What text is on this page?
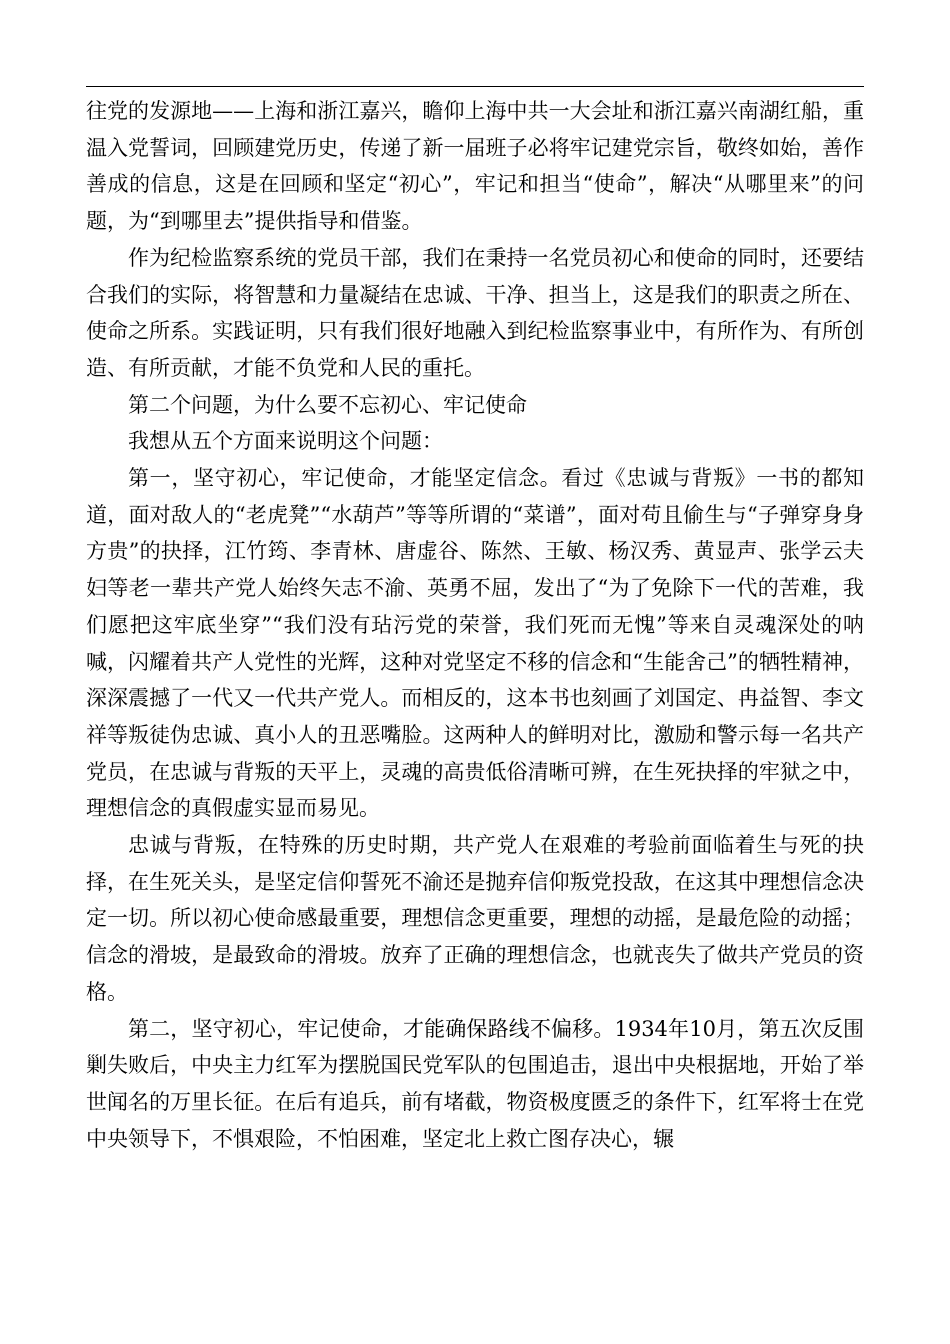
往党的发源地——上海和浙江嘉兴，瞻仰上海中共一大会址和浙江嘉兴南湖红船，重温入党誓词，回顾建党历史，传递了新一届班子必将牢记建党宗旨，敬终如始，善作善成的信息，这是在回顾和坚定“初心”，牢记和担当“使命”，解决“从哪里来”的问题，为“到哪里去”提供指导和借鉴。

作为纪检监察系统的党员干部，我们在秉持一名党员初心和使命的同时，还要结合我们的实际，将智慧和力量凝结在忠诚、干净、担当上，这是我们的职责之所在、使命之所系。实践证明，只有我们很好地融入到纪检监察事业中，有所作为、有所创造、有所贡献，才能不负党和人民的重托。

第二个问题，为什么要不忘初心、牢记使命

我想从五个方面来说明这个问题：

第一，坚守初心，牢记使命，才能坚定信念。看过《忠诚与背叛》一书的都知道，面对敌人的“老虎凳”“水葫芦”等等所谓的“菜谱”，面对苟且偷生与“子弹穿身身方贵”的抉择，江竹筠、李青林、唐虚谷、陈然、王敏、杨汉秀、黄显声、张学云夫妇等老一辈共产党人始终矢志不渝、英勇不屈，发出了“为了免除下一代的苦难，我们愿把这牢底坐穿”“我们没有玷污党的荣誉，我们死而无愧”等来自灵魂深处的呐喊，闪耀着共产人党性的光辉，这种对党坚定不移的信念和“生能舍己”的牺牲精神，深深震撼了一代又一代共产党人。而相反的，这本书也刻画了刘国定、冉益智、李文祥等叛徒伪忠诚、真小人的丑恶嘴脸。这两种人的鲜明对比，激励和警示每一名共产党员，在忠诚与背叛的天平上，灵魂的高贵低俗清晰可辨，在生死抉择的牢狱之中，理想信念的真假虚实显而易见。

忠诚与背叛，在特殊的历史时期，共产党人在艰难的考验前面临着生与死的抉择，在生死关头，是坚定信仰誓死不渝还是抛弃信仰叛党投敌，在这其中理想信念决定一切。所以初心使命感最重要，理想信念更重要，理想的动摇，是最危险的动摇；信念的滑坡，是最致命的滑坡。放弃了正确的理想信念，也就丧失了做共产党员的资格。

第二，坚守初心，牢记使命，才能确保路线不偏移。1934年10月，第五次反围剿失败后，中央主力红军为摆脱国民党军队的包围追击，退出中央根据地，开始了举世闻名的万里长征。在后有追兵，前有堵截，物资极度匮乏的条件下，红军将士在党中央领导下，不惧艰险，不怕困难，坚定北上救亡图存决心，辗
